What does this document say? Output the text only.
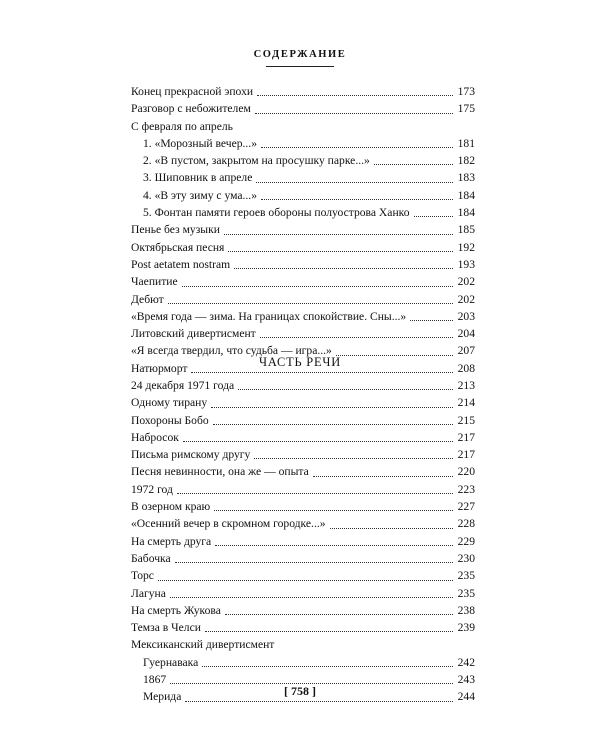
СОДЕРЖАНИЕ
Конец прекрасной эпохи	173
Разговор с небожителем	175
С февраля по апрель
1. «Морозный вечер...»	181
2. «В пустом, закрытом на просушку парке...»	182
3. Шиповник в апреле	183
4. «В эту зиму с ума...»	184
5. Фонтан памяти героев обороны полуострова Ханко	184
Пенье без музыки	185
Октябрьская песня	192
Post aetatem nostram	193
Чаепитие	202
Дебют	202
«Время года — зима. На границах спокойствие. Сны...»	203
Литовский дивертисмент	204
«Я всегда твердил, что судьба — игра...»	207
Натюрморт	208
ЧАСТЬ РЕЧИ
24 декабря 1971 года	213
Одному тирану	214
Похороны Бобо	215
Набросок	217
Письма римскому другу	217
Песня невинности, она же — опыта	220
1972 год	223
В озерном краю	227
«Осенний вечер в скромном городке...»	228
На смерть друга	229
Бабочка	230
Торс	235
Лагуна	235
На смерть Жукова	238
Темза в Челси	239
Мексиканский дивертисмент
Гуернавака	242
1867	243
Мерида	244
[ 758 ]
